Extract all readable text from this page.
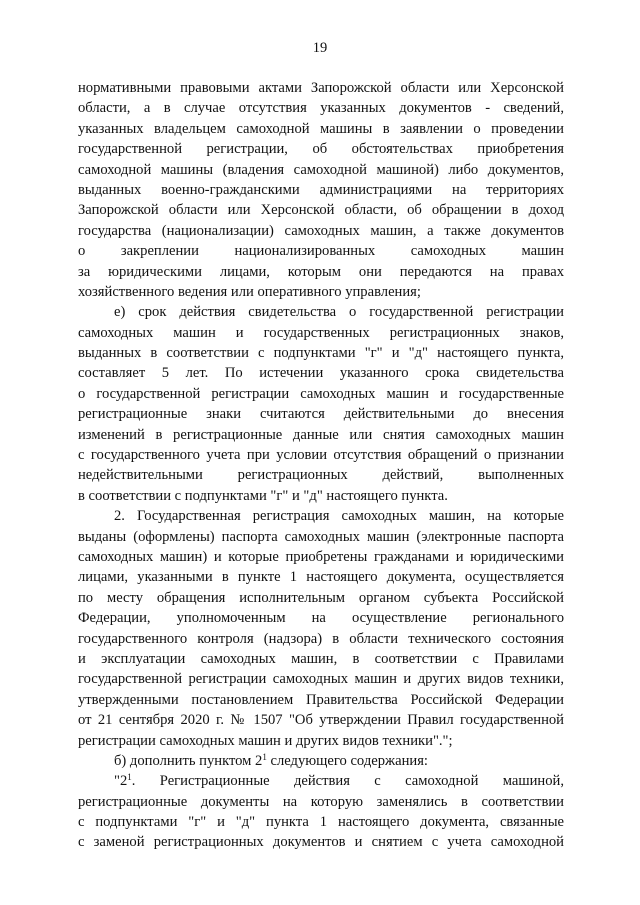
19
нормативными правовыми актами Запорожской области или Херсонской
области, а в случае отсутствия указанных документов - сведений,
указанных владельцем самоходной машины в заявлении о проведении
государственной регистрации, об обстоятельствах приобретения
самоходной машины (владения самоходной машиной) либо документов,
выданных военно-гражданскими администрациями на территориях
Запорожской области или Херсонской области, об обращении в доход
государства (национализации) самоходных машин, а также документов
о закреплении национализированных самоходных машин
за юридическими лицами, которым они передаются на правах
хозяйственного ведения или оперативного управления;
е) срок действия свидетельства о государственной регистрации
самоходных машин и государственных регистрационных знаков,
выданных в соответствии с подпунктами "г" и "д" настоящего пункта,
составляет 5 лет. По истечении указанного срока свидетельства
о государственной регистрации самоходных машин и государственные
регистрационные знаки считаются действительными до внесения
изменений в регистрационные данные или снятия самоходных машин
с государственного учета при условии отсутствия обращений о признании
недействительными регистрационных действий, выполненных
в соответствии с подпунктами "г" и "д" настоящего пункта.
2. Государственная регистрация самоходных машин, на которые
выданы (оформлены) паспорта самоходных машин (электронные паспорта
самоходных машин) и которые приобретены гражданами и юридическими
лицами, указанными в пункте 1 настоящего документа, осуществляется
по месту обращения исполнительным органом субъекта Российской
Федерации, уполномоченным на осуществление регионального
государственного контроля (надзора) в области технического состояния
и эксплуатации самоходных машин, в соответствии с Правилами
государственной регистрации самоходных машин и других видов техники,
утвержденными постановлением Правительства Российской Федерации
от 21 сентября 2020 г. № 1507 "Об утверждении Правил государственной
регистрации самоходных машин и других видов техники".";
б) дополнить пунктом $2^1$ следующего содержания:
"$2^1$. Регистрационные действия с самоходной машиной,
регистрационные документы на которую заменялись в соответствии
с подпунктами "г" и "д" пункта 1 настоящего документа, связанные
с заменой регистрационных документов и снятием с учета самоходной
